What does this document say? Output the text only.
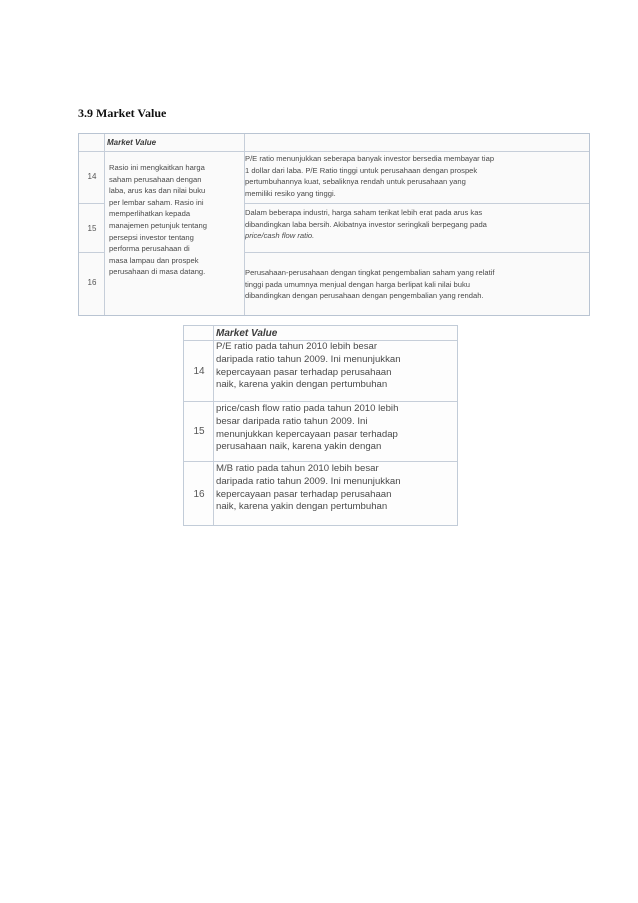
3.9 Market Value
Market Value
14
15
16
Rasio ini mengkaitkan harga
saham perusahaan dengan
laba, arus kas dan nilai buku
per lembar saham. Rasio ini
memperlihatkan kepada
manajemen petunjuk tentang
persepsi investor tentang
performa perusahaan di
masa lampau dan prospek
perusahaan di masa datang.
P/E ratio menunjukkan seberapa banyak investor bersedia membayar tiap
1 dollar dari laba. P/E Ratio tinggi untuk perusahaan dengan prospek
pertumbuhannya kuat, sebaliknya rendah untuk perusahaan yang
memiliki resiko yang tinggi.
Dalam beberapa industri, harga saham terikat lebih erat pada arus kas
dibandingkan laba bersih. Akibatnya investor seringkali berpegang pada
price/cash flow ratio.
Perusahaan-perusahaan dengan tingkat pengembalian saham yang relatif
tinggi pada umumnya menjual dengan harga berlipat kali nilai buku
dibandingkan dengan perusahaan dengan pengembalian yang rendah.
Market Value
14
15
16
P/E ratio pada tahun 2010 lebih besar
daripada ratio tahun 2009. Ini menunjukkan
kepercayaan pasar terhadap perusahaan
naik, karena yakin dengan pertumbuhan
price/cash flow ratio pada tahun 2010 lebih
besar daripada ratio tahun 2009. Ini
menunjukkan kepercayaan pasar terhadap
perusahaan naik, karena yakin dengan
M/B ratio pada tahun 2010 lebih besar
daripada ratio tahun 2009. Ini menunjukkan
kepercayaan pasar terhadap perusahaan
naik, karena yakin dengan pertumbuhan
